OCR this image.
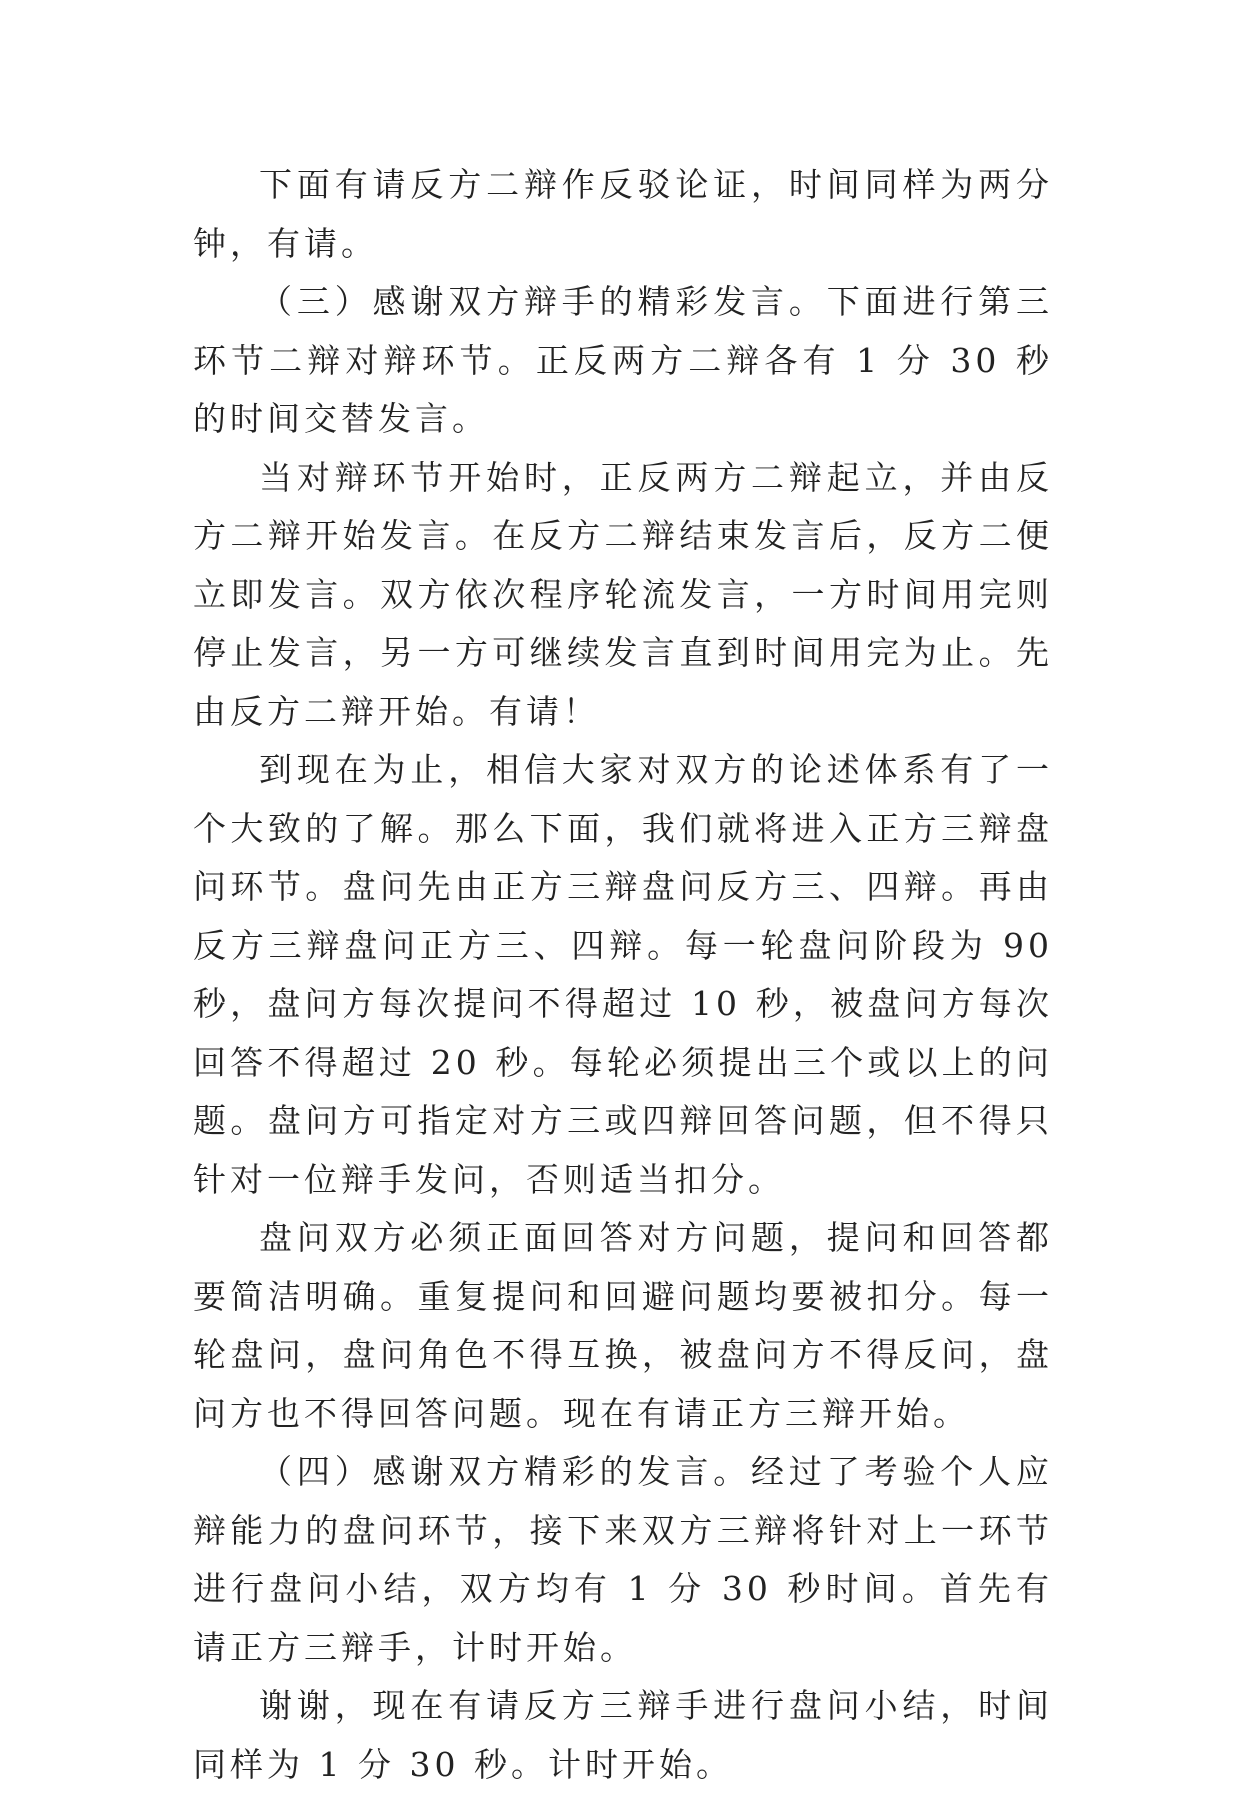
下面有请反方二辩作反驳论证，时间同样为两分钟，有请。

（三）感谢双方辩手的精彩发言。下面进行第三环节二辩对辩环节。正反两方二辩各有 1 分 30 秒的时间交替发言。

当对辩环节开始时，正反两方二辩起立，并由反方二辩开始发言。在反方二辩结束发言后，反方二便立即发言。双方依次程序轮流发言，一方时间用完则停止发言，另一方可继续发言直到时间用完为止。先由反方二辩开始。有请！

到现在为止，相信大家对双方的论述体系有了一个大致的了解。那么下面，我们就将进入正方三辩盘问环节。盘问先由正方三辩盘问反方三、四辩。再由反方三辩盘问正方三、四辩。每一轮盘问阶段为 90 秒，盘问方每次提问不得超过 10 秒，被盘问方每次回答不得超过 20 秒。每轮必须提出三个或以上的问题。盘问方可指定对方三或四辩回答问题，但不得只针对一位辩手发问，否则适当扣分。

盘问双方必须正面回答对方问题，提问和回答都要简洁明确。重复提问和回避问题均要被扣分。每一轮盘问，盘问角色不得互换，被盘问方不得反问，盘问方也不得回答问题。现在有请正方三辩开始。

（四）感谢双方精彩的发言。经过了考验个人应辩能力的盘问环节，接下来双方三辩将针对上一环节进行盘问小结，双方均有 1 分 30 秒时间。首先有请正方三辩手，计时开始。

谢谢，现在有请反方三辩手进行盘问小结，时间同样为 1 分 30 秒。计时开始。
